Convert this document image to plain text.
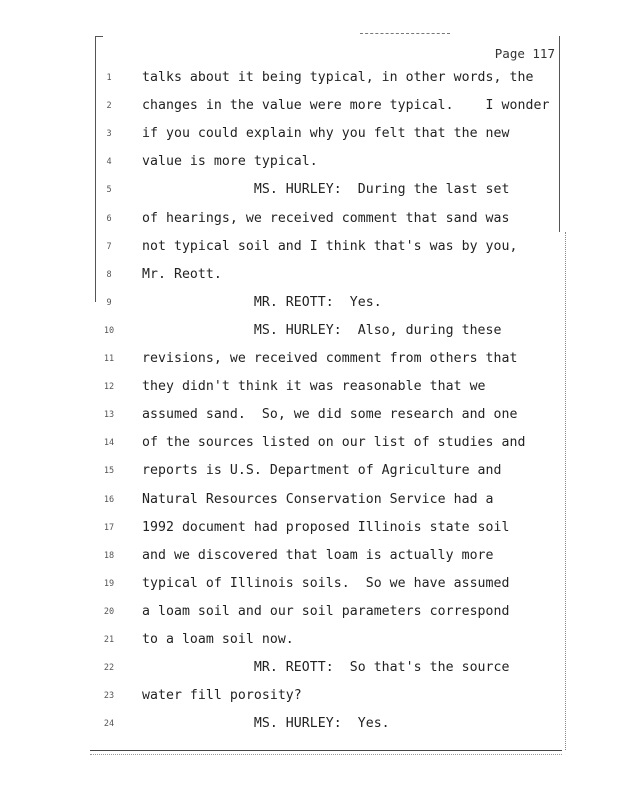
Page 117
1	talks about it being typical, in other words, the
2	changes in the value were more typical.    I wonder
3	if you could explain why you felt that the new
4	value is more typical.
5	MS. HURLEY:  During the last set
6	of hearings, we received comment that sand was
7	not typical soil and I think that's was by you,
8	Mr. Reott.
9	MR. REOTT:  Yes.
10	MS. HURLEY:  Also, during these
11	revisions, we received comment from others that
12	they didn't think it was reasonable that we
13	assumed sand.  So, we did some research and one
14	of the sources listed on our list of studies and
15	reports is U.S. Department of Agriculture and
16	Natural Resources Conservation Service had a
17	1992 document had proposed Illinois state soil
18	and we discovered that loam is actually more
19	typical of Illinois soils.  So we have assumed
20	a loam soil and our soil parameters correspond
21	to a loam soil now.
22	MR. REOTT:  So that's the source
23	water fill porosity?
24	MS. HURLEY:  Yes.
